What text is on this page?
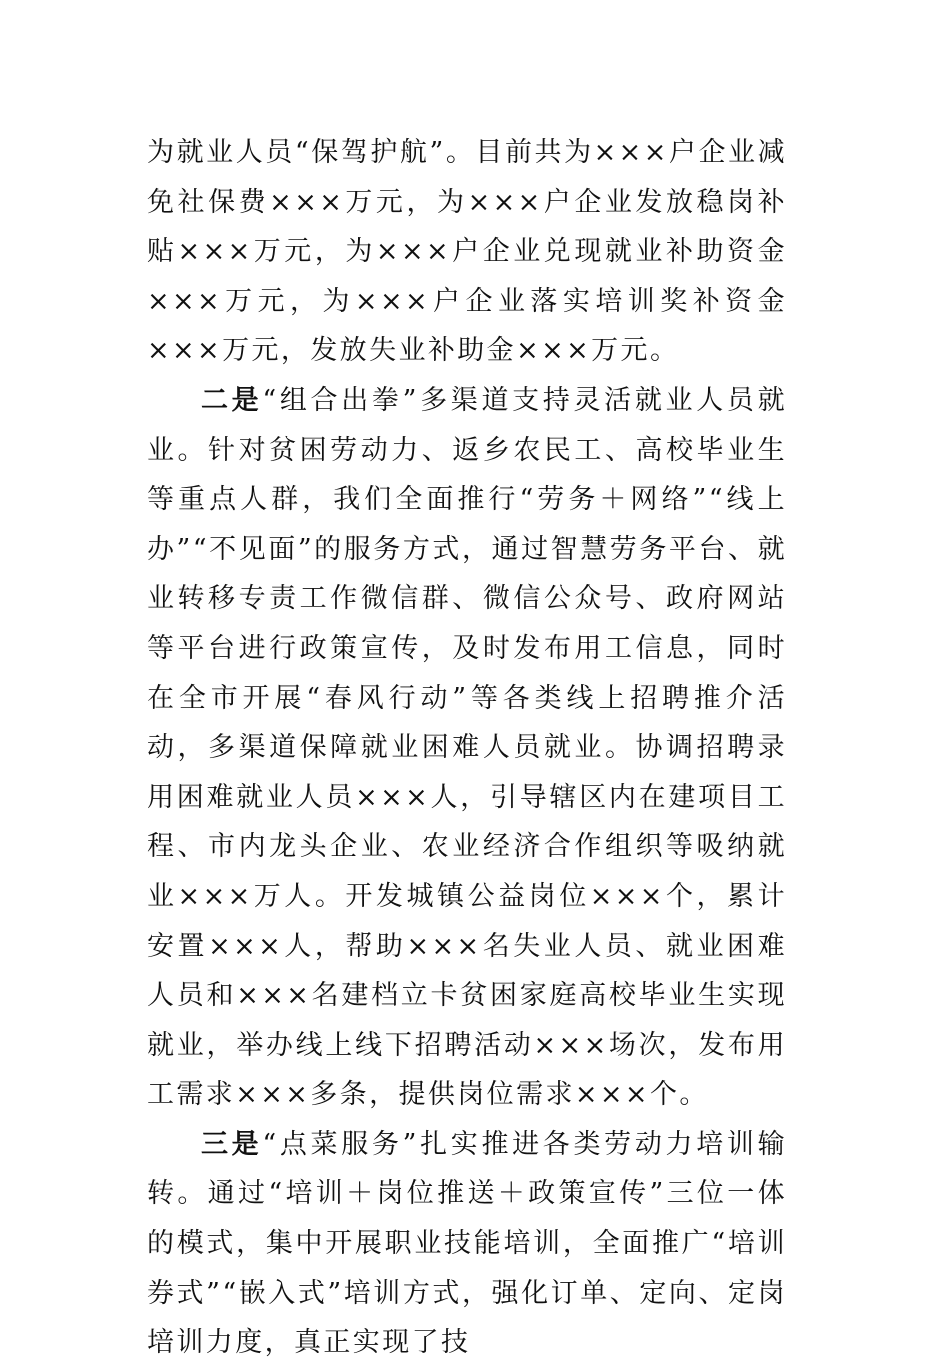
为就业人员“保驾护航”。目前共为×××户企业减免社保费×××万元，为×××户企业发放稳岗补贴×××万元，为×××户企业兑现就业补助资金×××万元，为×××户企业落实培训奖补资金×××万元，发放失业补助金×××万元。

二是“组合出拳”多渠道支持灵活就业人员就业。针对贫困劳动力、返乡农民工、高校毕业生等重点人群，我们全面推行“劳务＋网络”“线上办”“不见面”的服务方式，通过智慧劳务平台、就业转移专责工作微信群、微信公众号、政府网站等平台进行政策宣传，及时发布用工信息，同时在全市开展“春风行动”等各类线上招聘推介活动，多渠道保障就业困难人员就业。协调招聘录用困难就业人员×××人，引导辖区内在建项目工程、市内龙头企业、农业经济合作组织等吸纳就业×××万人。开发城镇公益岗位×××个，累计安置×××人，帮助×××名失业人员、就业困难人员和×××名建档立卡贫困家庭高校毕业生实现就业，举办线上线下招聘活动×××场次，发布用工需求×××多条，提供岗位需求×××个。

三是“点菜服务”扎实推进各类劳动力培训输转。通过“培训＋岗位推送＋政策宣传”三位一体的模式，集中开展职业技能培训，全面推广“培训券式”“嵌入式”培训方式，强化订单、定向、定岗培训力度，真正实现了技
